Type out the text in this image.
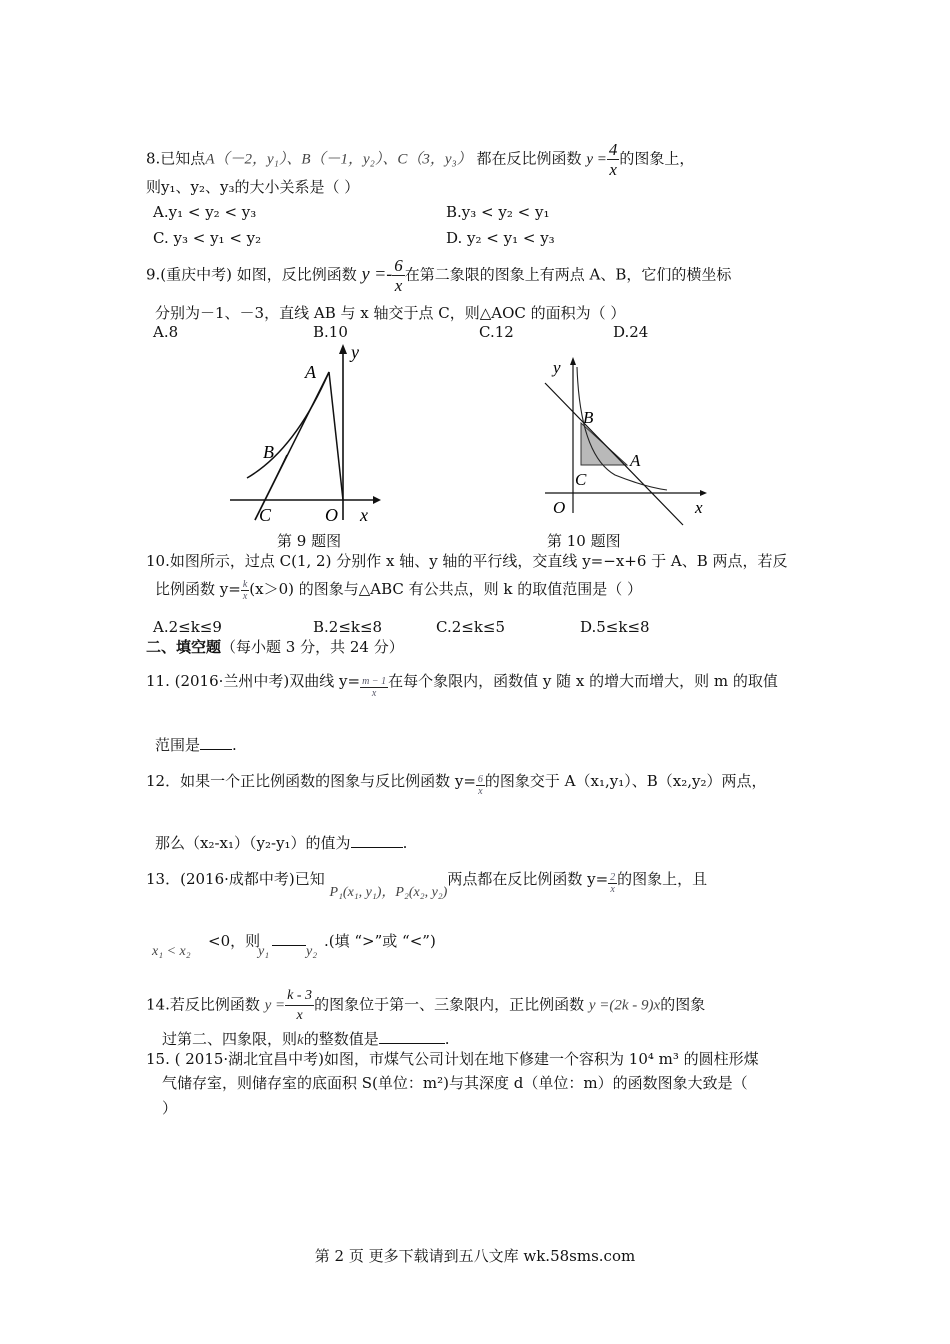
8.已知点A（－2，y₁）、B（－1，y₂）、C（3，y₃） 都在反比例函数 $y = \frac{4}{x}$ 的图象上，
则y₁、y₂、y₃的大小关系是（ ）
A.y₁ < y₂ < y₃	B.y₃ < y₂ < y₁
C. y₃ < y₁ < y₂	D. y₂ < y₁ < y₃
9.(重庆中考) 如图，反比例函数 $y =- \frac{6}{x}$ 在第二象限的图象上有两点 A、B，它们的横坐标
分别为－1、－3，直线 AB 与 x 轴交于点 C，则△AOC 的面积为（ ）
A.8	B.10	C.12	D.24
A
B
C	O x
y
第 9 题图
B
A
C
O	x
y
第 10 题图
10.如图所示，过点 C(1, 2) 分别作 x 轴、y 轴的平行线，交直线 y=−x+6 于 A、B 两点，若反
比例函数 $y= \frac{k}{x} (x>0)$ 的图象与△ABC 有公共点，则 k 的取值范围是（ ）
A.2≤k≤9	B.2≤k≤8	C.2≤k≤5	D.5≤k≤8
二、填空题（每小题 3 分，共 24 分）
11. (2016·兰州中考)双曲线 $y= \frac{m - 1}{x}$ 在每个象限内，函数值 y 随 x 的增大而增大，则 m 的取值
范围是 .
12．如果一个正比例函数的图象与反比例函数 $y= \frac{6}{x}$ 的图象交于 A（x₁,y₁）、B（x₂,y₂）两点，
那么（x₂-x₁）（y₂-y₁）的值为	.
13．(2016·成都中考)已知 P₁(x₁, y₁)，P₂(x₂, y₂)两点都在反比例函数 $y= \frac{2}{x}$ 的图象上，且
x₁ < x₂
<0，则
y₁	y₂
.(填 “>”或 “<”)
14.若反比例函数 $y = \frac{k - 3}{x}$ 的图象位于第一、三象限内，正比例函数 y =(2k - 9)x的图象
过第二、四象限，则k的整数值是	.
15. ( 2015·湖北宜昌中考)如图，市煤气公司计划在地下修建一个容积为 10⁴ m³ 的圆柱形煤
气储存室，则储存室的底面积 S(单位：m²)与其深度 d（单位：m）的函数图象大致是（
）
第 2 页 更多下载请到五八文库 wk.58sms.com
